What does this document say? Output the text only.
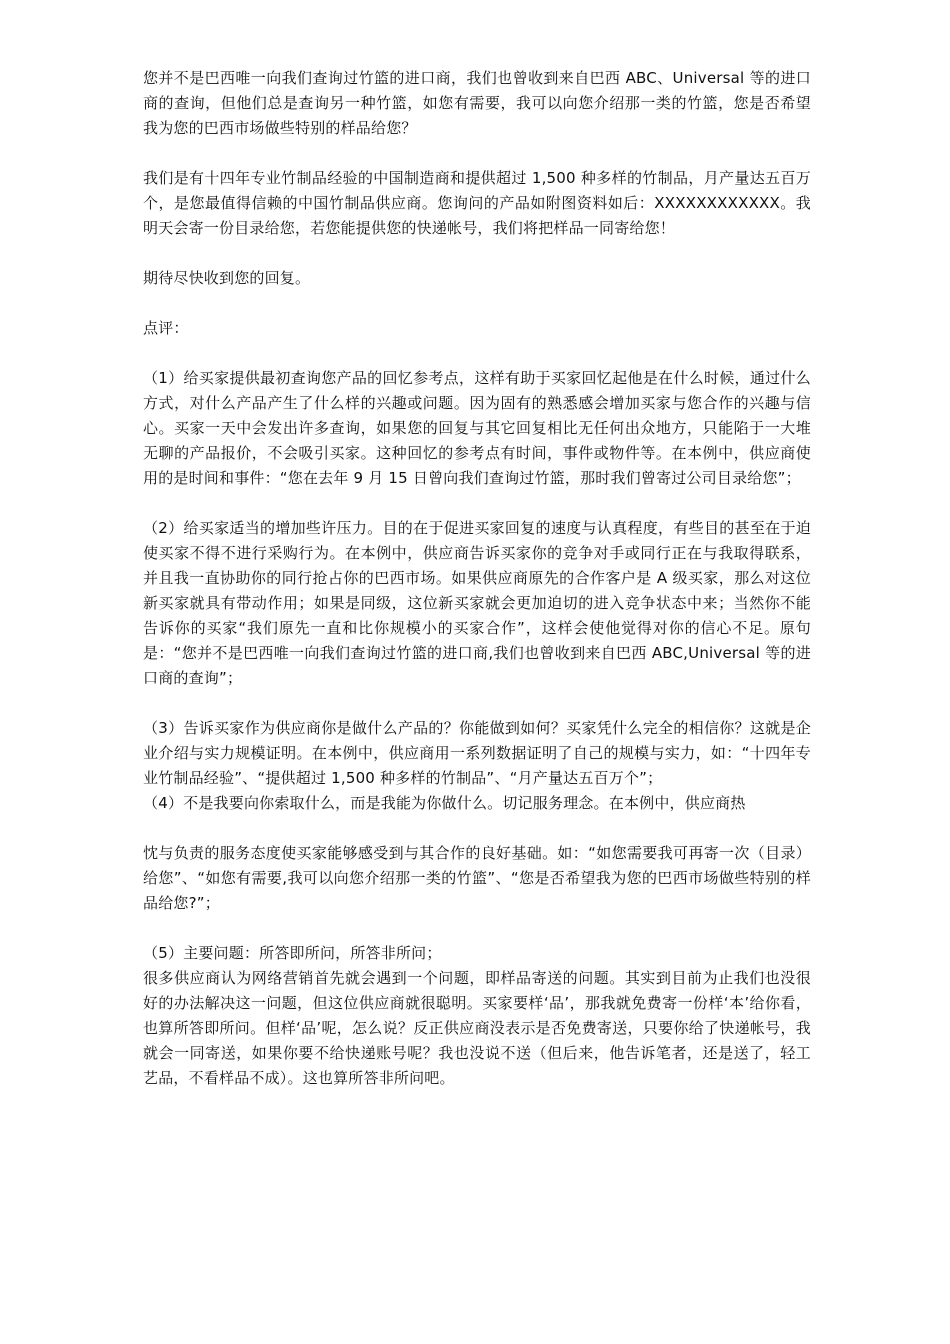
您并不是巴西唯一向我们查询过竹篮的进口商，我们也曾收到来自巴西 ABC、Universal 等的进口商的查询，但他们总是查询另一种竹篮，如您有需要，我可以向您介绍那一类的竹篮，您是否希望我为您的巴西市场做些特别的样品给您？

我们是有十四年专业竹制品经验的中国制造商和提供超过 1,500 种多样的竹制品，月产量达五百万个，是您最值得信赖的中国竹制品供应商。您询问的产品如附图资料如后：XXXXXXXXXXXX。我明天会寄一份目录给您，若您能提供您的快递帐号，我们将把样品一同寄给您！

期待尽快收到您的回复。

点评：

（1）给买家提供最初查询您产品的回忆参考点，这样有助于买家回忆起他是在什么时候，通过什么方式，对什么产品产生了什么样的兴趣或问题。因为固有的熟悉感会增加买家与您合作的兴趣与信心。买家一天中会发出许多查询，如果您的回复与其它回复相比无任何出众地方，只能陷于一大堆无聊的产品报价，不会吸引买家。这种回忆的参考点有时间，事件或物件等。在本例中，供应商使用的是时间和事件：“您在去年 9 月 15 日曾向我们查询过竹篮，那时我们曾寄过公司目录给您”；

（2）给买家适当的增加些许压力。目的在于促进买家回复的速度与认真程度，有些目的甚至在于迫使买家不得不进行采购行为。在本例中，供应商告诉买家你的竞争对手或同行正在与我取得联系，并且我一直协助你的同行抢占你的巴西市场。如果供应商原先的合作客户是 A 级买家，那么对这位新买家就具有带动作用；如果是同级，这位新买家就会更加迫切的进入竞争状态中来；当然你不能告诉你的买家“我们原先一直和比你规模小的买家合作”，这样会使他觉得对你的信心不足。原句是：“您并不是巴西唯一向我们查询过竹篮的进口商,我们也曾收到来自巴西 ABC,Universal 等的进口商的查询”；

（3）告诉买家作为供应商你是做什么产品的？你能做到如何？买家凭什么完全的相信你？这就是企业介绍与实力规模证明。在本例中，供应商用一系列数据证明了自己的规模与实力，如：“十四年专业竹制品经验”、“提供超过 1,500 种多样的竹制品”、“月产量达五百万个”；

（4）不是我要向你索取什么，而是我能为你做什么。切记服务理念。在本例中，供应商热

忱与负责的服务态度使买家能够感受到与其合作的良好基础。如：“如您需要我可再寄一次（目录）给您”、“如您有需要,我可以向您介绍那一类的竹篮”、“您是否希望我为您的巴西市场做些特别的样品给您?”；

（5）主要问题：所答即所问，所答非所问；

很多供应商认为网络营销首先就会遇到一个问题，即样品寄送的问题。其实到目前为止我们也没很好的办法解决这一问题，但这位供应商就很聪明。买家要样‘品’，那我就免费寄一份样‘本’给你看，也算所答即所问。但样‘品’呢，怎么说？反正供应商没表示是否免费寄送，只要你给了快递帐号，我就会一同寄送，如果你要不给快递账号呢？我也没说不送（但后来，他告诉笔者，还是送了，轻工艺品，不看样品不成）。这也算所答非所问吧。
